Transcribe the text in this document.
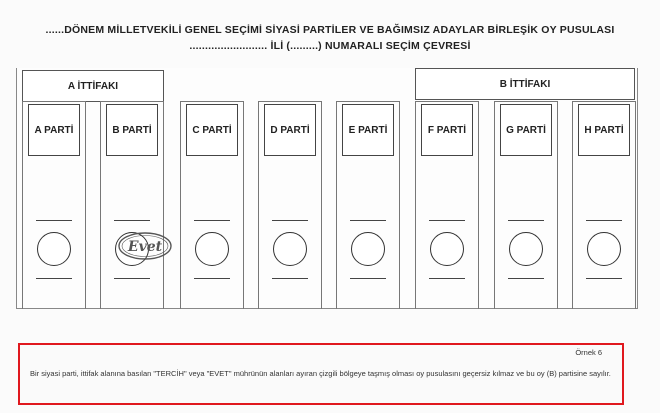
......DÖNEM MİLLETVEKİLİ GENEL SEÇİMİ SİYASİ PARTİLER VE BAĞIMSIZ ADAYLAR BİRLEŞİK OY PUSULASI
......................... İLİ (.........) NUMARALI SEÇİM ÇEVRESİ
A İTTİFAKI	B İTTİFAKI
A PARTİ	B PARTİ	C PARTİ	D PARTİ	E PARTİ	F PARTİ	G PARTİ	H PARTİ
Evet
Örnek 6
Bir siyasi parti, ittifak alanına basılan "TERCİH" veya "EVET" mührünün alanları ayıran çizgili bölgeye taşmış olması oy pusulasını geçersiz kılmaz ve bu oy (B) partisine sayılır.
